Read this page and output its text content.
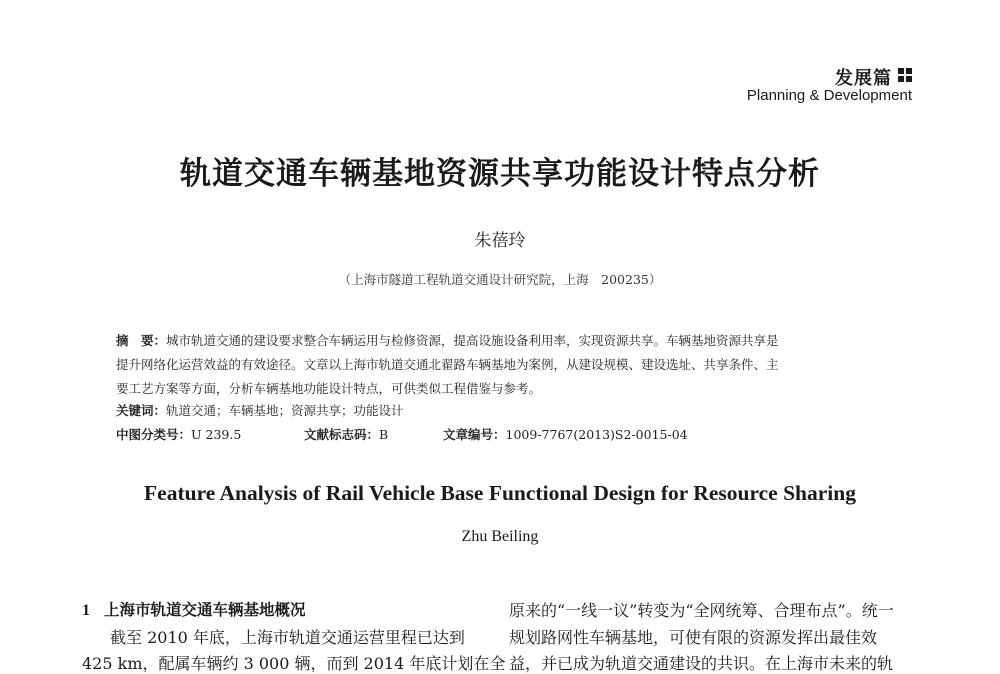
发展篇
Planning & Development
轨道交通车辆基地资源共享功能设计特点分析
朱蓓玲
（上海市隧道工程轨道交通设计研究院，上海　200235）
摘　要：城市轨道交通的建设要求整合车辆运用与检修资源，提高设施设备利用率，实现资源共享。车辆基地资源共享是
提升网络化运营效益的有效途径。文章以上海市轨道交通北翟路车辆基地为案例，从建设规模、建设选址、共享条件、主
要工艺方案等方面，分析车辆基地功能设计特点，可供类似工程借鉴与参考。
关键词：轨道交通；车辆基地；资源共享；功能设计
中图分类号：U 239.5	文献标志码：B	文章编号：1009-7767(2013)S2-0015-04
Feature Analysis of Rail Vehicle Base Functional Design for Resource Sharing
Zhu Beiling
1 上海市轨道交通车辆基地概况
截至 2010 年底，上海市轨道交通运营里程已达到
425 km，配属车辆约 3 000 辆，而到 2014 年底计划在全
原来的“一线一议”转变为“全网统筹、合理布点”。统一
规划路网性车辆基地，可使有限的资源发挥出最佳效
益，并已成为轨道交通建设的共识。在上海市未来的轨
